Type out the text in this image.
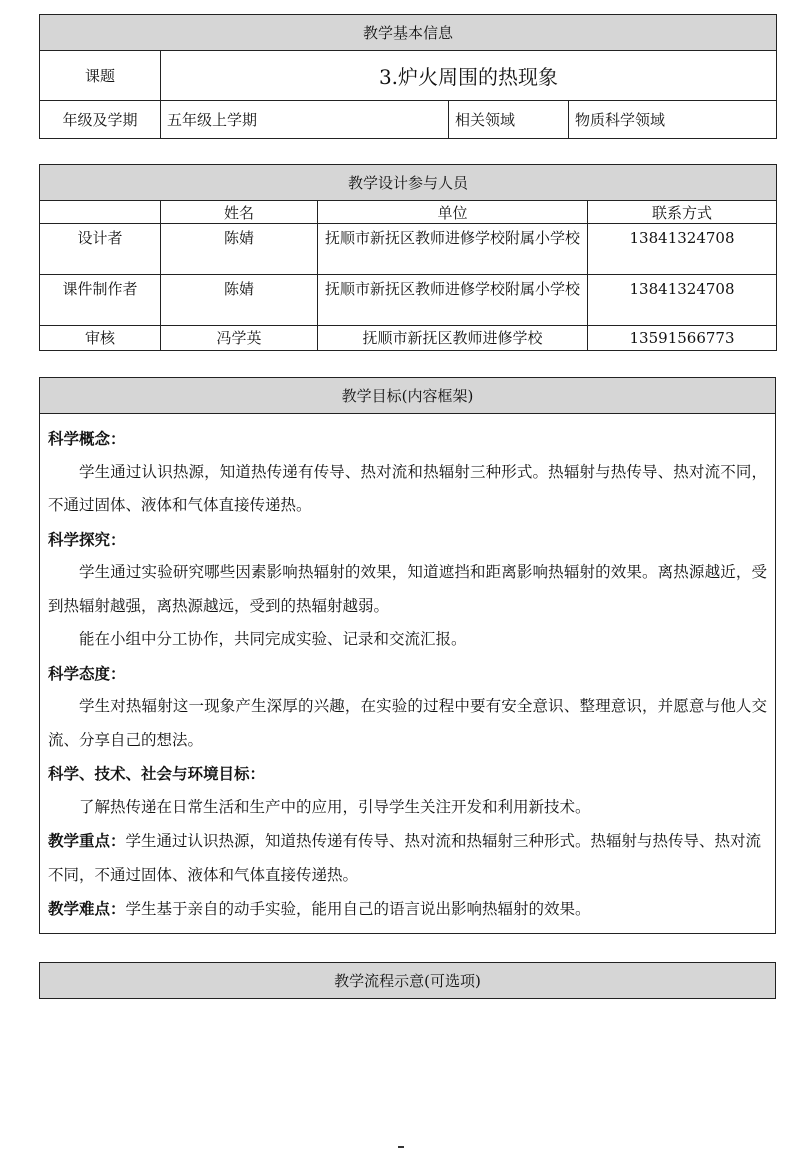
教学基本信息			
课题	3.炉火周围的热现象		
年级及学期	五年级上学期	相关领域	物质科学领域
教学设计参与人员			
	姓名	单位	联系方式
设计者	陈婧	抚顺市新抚区教师进修学校附属小学校	13841324708
课件制作者	陈婧	抚顺市新抚区教师进修学校附属小学校	13841324708
审核	冯学英	抚顺市新抚区教师进修学校	13591566773
教学目标(内容框架)

科学概念：

学生通过认识热源，知道热传递有传导、热对流和热辐射三种形式。热辐射与热传导、热对流不同，不通过固体、液体和气体直接传递热。

科学探究：

学生通过实验研究哪些因素影响热辐射的效果，知道遮挡和距离影响热辐射的效果。离热源越近，受到热辐射越强，离热源越远，受到的热辐射越弱。

能在小组中分工协作，共同完成实验、记录和交流汇报。

科学态度：

学生对热辐射这一现象产生深厚的兴趣，在实验的过程中要有安全意识、整理意识，并愿意与他人交流、分享自己的想法。

科学、技术、社会与环境目标：

了解热传递在日常生活和生产中的应用，引导学生关注开发和利用新技术。

教学重点：学生通过认识热源，知道热传递有传导、热对流和热辐射三种形式。热辐射与热传导、热对流不同，不通过固体、液体和气体直接传递热。

教学难点：学生基于亲自的动手实验，能用自己的语言说出影响热辐射的效果。

教学流程示意(可选项)
